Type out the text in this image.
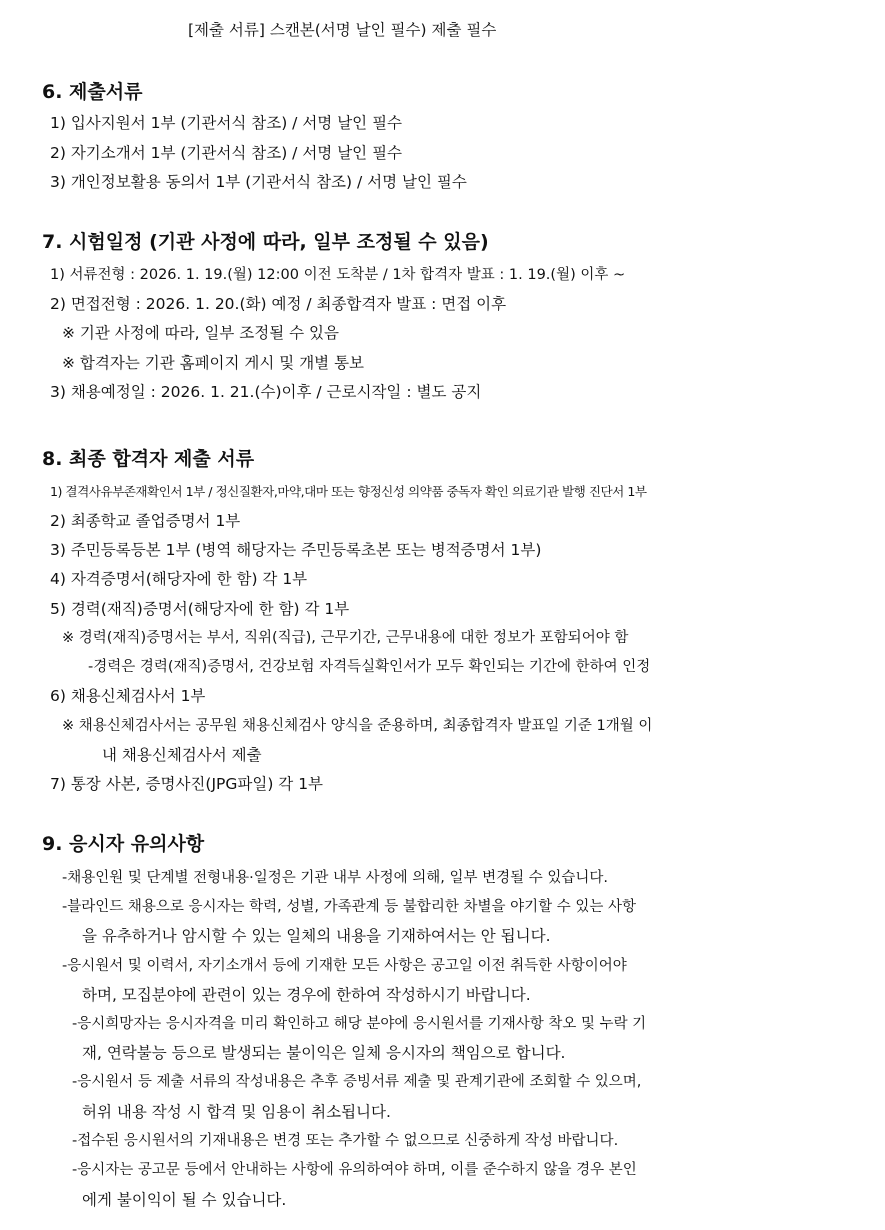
[제출 서류] 스캔본(서명 날인 필수) 제출 필수
6. 제출서류
1) 입사지원서 1부 (기관서식 참조) / 서명 날인 필수
2) 자기소개서 1부 (기관서식 참조) / 서명 날인 필수
3) 개인정보활용 동의서 1부 (기관서식 참조) / 서명 날인 필수
7. 시험일정 (기관 사정에 따라, 일부 조정될 수 있음)
1) 서류전형 : 2026. 1. 19.(월) 12:00 이전 도착분 / 1차 합격자 발표 : 1. 19.(월) 이후 ~
2) 면접전형 : 2026. 1. 20.(화) 예정 / 최종합격자 발표 : 면접 이후
※ 기관 사정에 따라, 일부 조정될 수 있음
※ 합격자는 기관 홈페이지 게시 및 개별 통보
3) 채용예정일 : 2026. 1. 21.(수)이후 / 근로시작일 : 별도 공지
8. 최종 합격자 제출 서류
1) 결격사유부존재확인서 1부 / 정신질환자,마약,대마 또는 향정신성 의약품 중독자 확인 의료기관 발행 진단서 1부
2) 최종학교 졸업증명서 1부
3) 주민등록등본 1부 (병역 해당자는 주민등록초본 또는 병적증명서 1부)
4) 자격증명서(해당자에 한 함) 각 1부
5) 경력(재직)증명서(해당자에 한 함) 각 1부
※ 경력(재직)증명서는 부서, 직위(직급), 근무기간, 근무내용에 대한 정보가 포함되어야 함
-경력은 경력(재직)증명서, 건강보험 자격득실확인서가 모두 확인되는 기간에 한하여 인정
6) 채용신체검사서 1부
※ 채용신체검사서는 공무원 채용신체검사 양식을 준용하며, 최종합격자 발표일 기준 1개월 이
내 채용신체검사서 제출
7) 통장 사본, 증명사진(JPG파일) 각 1부
9. 응시자 유의사항
-채용인원 및 단계별 전형내용·일정은 기관 내부 사정에 의해, 일부 변경될 수 있습니다.
-블라인드 채용으로 응시자는 학력, 성별, 가족관계 등 불합리한 차별을 야기할 수 있는 사항
을 유추하거나 암시할 수 있는 일체의 내용을 기재하여서는 안 됩니다.
-응시원서 및 이력서, 자기소개서 등에 기재한 모든 사항은 공고일 이전 취득한 사항이어야
하며, 모집분야에 관련이 있는 경우에 한하여 작성하시기 바랍니다.
-응시희망자는 응시자격을 미리 확인하고 해당 분야에 응시원서를 기재사항 착오 및 누락 기
재, 연락불능 등으로 발생되는 불이익은 일체 응시자의 책임으로 합니다.
-응시원서 등 제출 서류의 작성내용은 추후 증빙서류 제출 및 관계기관에 조회할 수 있으며,
허위 내용 작성 시 합격 및 임용이 취소됩니다.
-접수된 응시원서의 기재내용은 변경 또는 추가할 수 없으므로 신중하게 작성 바랍니다.
-응시자는 공고문 등에서 안내하는 사항에 유의하여야 하며, 이를 준수하지 않을 경우 본인
에게 불이익이 될 수 있습니다.
